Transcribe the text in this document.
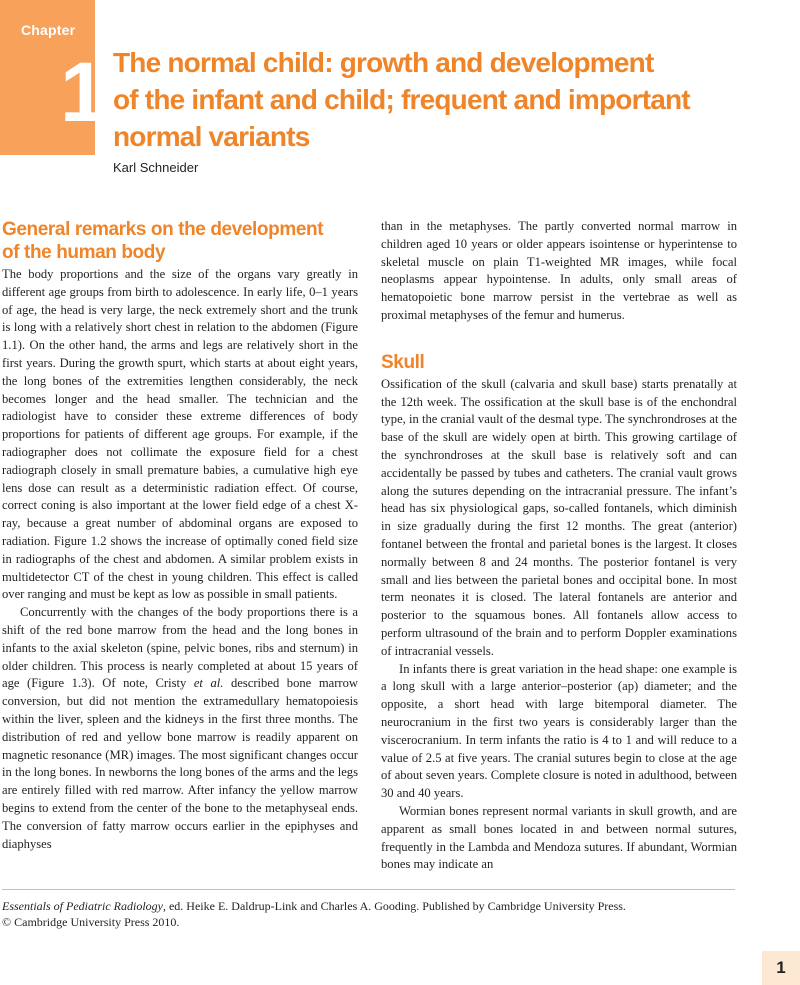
Chapter
1 The normal child: growth and development
of the infant and child; frequent and important
normal variants
Karl Schneider
General remarks on the development
of the human body

The body proportions and the size of the organs vary greatly in different age groups from birth to adolescence. In early life, 0–1 years of age, the head is very large, the neck extremely short and the trunk is long with a relatively short chest in relation to the abdomen (Figure 1.1). On the other hand, the arms and legs are relatively short in the first years. During the growth spurt, which starts at about eight years, the long bones of the extremities lengthen considerably, the neck becomes longer and the head smaller. The technician and the radiologist have to consider these extreme differences of body proportions for patients of different age groups. For example, if the radiographer does not collimate the exposure field for a chest radiograph closely in small premature babies, a cumulative high eye lens dose can result as a deterministic radiation effect. Of course, correct coning is also important at the lower field edge of a chest X-ray, because a great number of abdominal organs are exposed to radiation. Figure 1.2 shows the increase of optimally coned field size in radiographs of the chest and abdomen. A similar problem exists in multidetector CT of the chest in young children. This effect is called over ranging and must be kept as low as possible in small patients.

Concurrently with the changes of the body proportions there is a shift of the red bone marrow from the head and the long bones in infants to the axial skeleton (spine, pelvic bones, ribs and sternum) in older children. This process is nearly completed at about 15 years of age (Figure 1.3). Of note, Cristy et al. described bone marrow conversion, but did not mention the extramedullary hematopoiesis within the liver, spleen and the kidneys in the first three months. The distribution of red and yellow bone marrow is readily apparent on magnetic resonance (MR) images. The most significant changes occur in the long bones. In newborns the long bones of the arms and the legs are entirely filled with red marrow. After infancy the yellow marrow begins to extend from the center of the bone to the metaphyseal ends. The conversion of fatty marrow occurs earlier in the epiphyses and diaphyses

than in the metaphyses. The partly converted normal marrow in children aged 10 years or older appears isointense or hyperintense to skeletal muscle on plain T1-weighted MR images, while focal neoplasms appear hypointense. In adults, only small areas of hematopoietic bone marrow persist in the vertebrae as well as proximal metaphyses of the femur and humerus.

Skull

Ossification of the skull (calvaria and skull base) starts prenatally at the 12th week. The ossification at the skull base is of the enchondral type, in the cranial vault of the desmal type. The synchrondroses at the base of the skull are widely open at birth. This growing cartilage of the synchrondroses at the skull base is relatively soft and can accidentally be passed by tubes and catheters. The cranial vault grows along the sutures depending on the intracranial pressure. The infant’s head has six physiological gaps, so-called fontanels, which diminish in size gradually during the first 12 months. The great (anterior) fontanel between the frontal and parietal bones is the largest. It closes normally between 8 and 24 months. The posterior fontanel is very small and lies between the parietal bones and occipital bone. In most term neonates it is closed. The lateral fontanels are anterior and posterior to the squamous bones. All fontanels allow access to perform ultrasound of the brain and to perform Doppler examinations of intracranial vessels.

In infants there is great variation in the head shape: one example is a long skull with a large anterior–posterior (ap) diameter; and the opposite, a short head with large bitemporal diameter. The neurocranium in the first two years is considerably larger than the viscerocranium. In term infants the ratio is 4 to 1 and will reduce to a value of 2.5 at five years. The cranial sutures begin to close at the age of about seven years. Complete closure is noted in adulthood, between 30 and 40 years.

Wormian bones represent normal variants in skull growth, and are apparent as small bones located in and between normal sutures, frequently in the Lambda and Mendoza sutures. If abundant, Wormian bones may indicate an

Essentials of Pediatric Radiology, ed. Heike E. Daldrup-Link and Charles A. Gooding. Published by Cambridge University Press.
© Cambridge University Press 2010.
1
